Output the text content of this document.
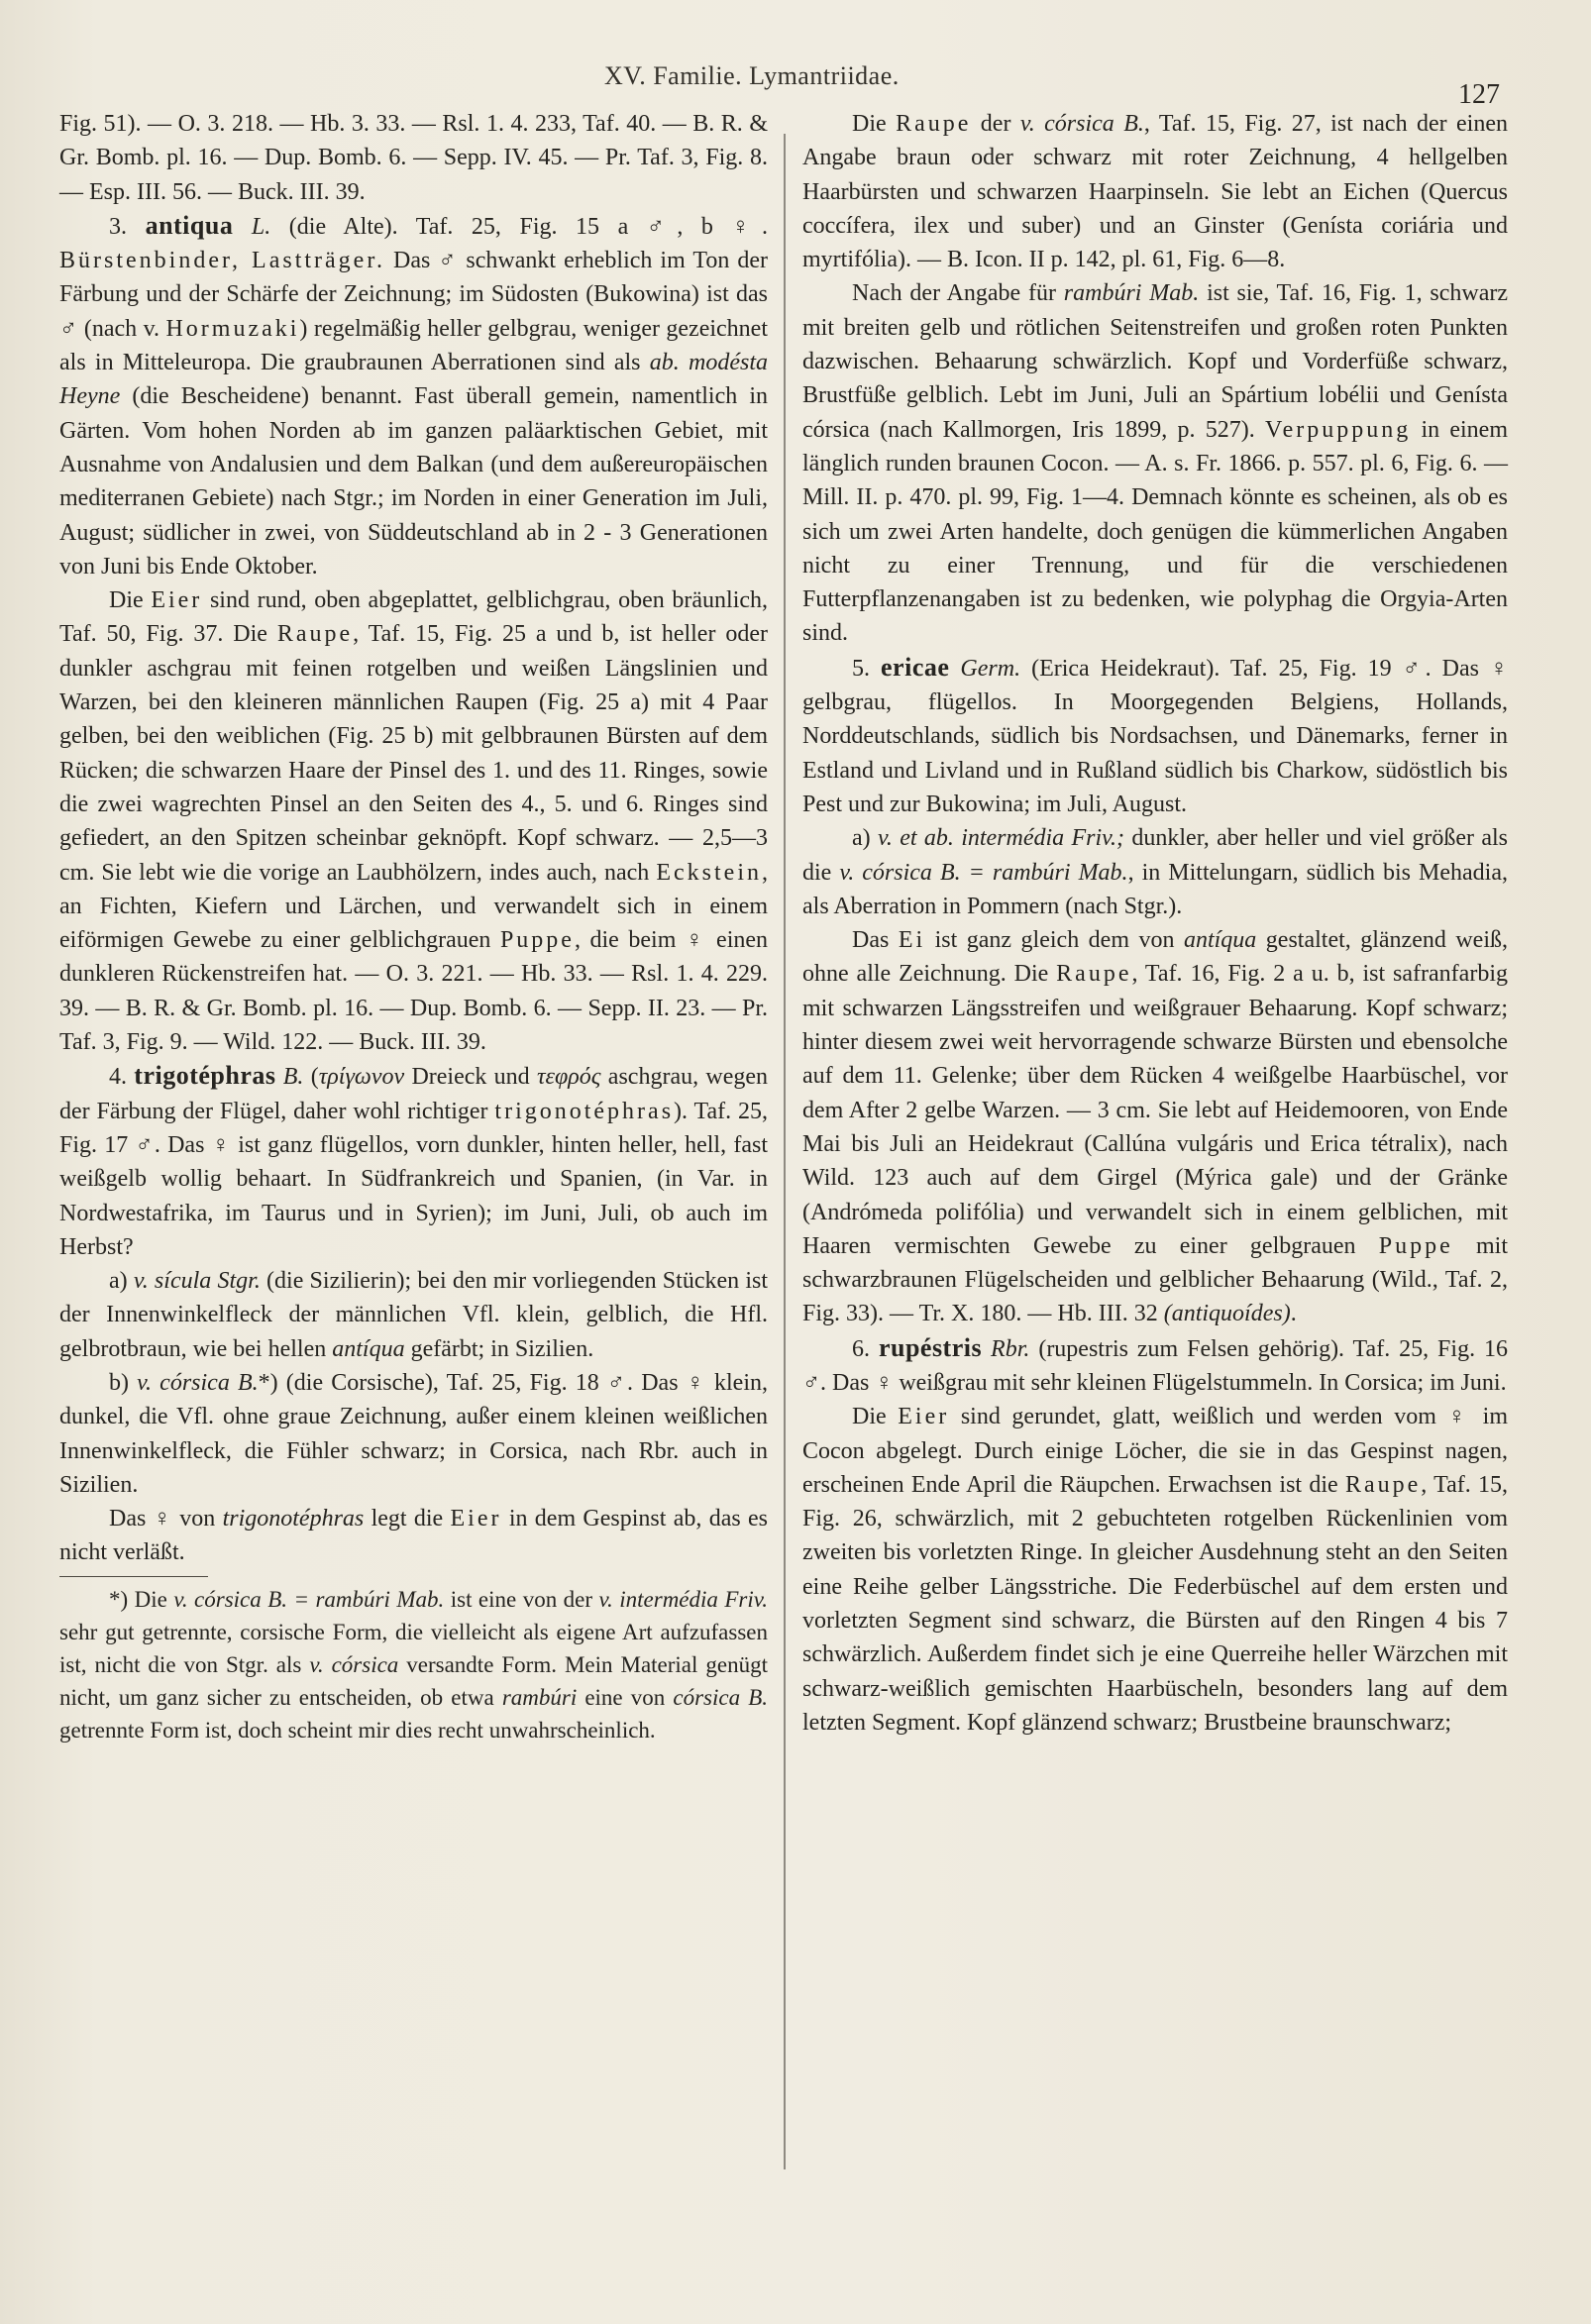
XV. Familie. Lymantriidae.
127

Fig. 51). — O. 3. 218. — Hb. 3. 33. — Rsl. 1. 4. 233, Taf. 40. — B. R. & Gr. Bomb. pl. 16. — Dup. Bomb. 6. — Sepp. IV. 45. — Pr. Taf. 3, Fig. 8. — Esp. III. 56. — Buck. III. 39.

3. antiqua L. (die Alte). Taf. 25, Fig. 15 a ♂, b ♀. Bürstenbinder, Lastträger. Das ♂ schwankt erheblich im Ton der Färbung und der Schärfe der Zeichnung; im Südosten (Bukowina) ist das ♂ (nach v. Hormuzaki) regelmäßig heller gelbgrau, weniger gezeichnet als in Mitteleuropa. Die graubraunen Aberrationen sind als ab. modésta Heyne (die Bescheidene) benannt. Fast überall gemein, namentlich in Gärten. Vom hohen Norden ab im ganzen paläarktischen Gebiet, mit Ausnahme von Andalusien und dem Balkan (und dem außereuropäischen mediterranen Gebiete) nach Stgr.; im Norden in einer Generation im Juli, August; südlicher in zwei, von Süddeutschland ab in 2 - 3 Generationen von Juni bis Ende Oktober.

Die Eier sind rund, oben abgeplattet, gelblichgrau, oben bräunlich, Taf. 50, Fig. 37. Die Raupe, Taf. 15, Fig. 25 a und b, ist heller oder dunkler aschgrau mit feinen rotgelben und weißen Längslinien und Warzen, bei den kleineren männlichen Raupen (Fig. 25 a) mit 4 Paar gelben, bei den weiblichen (Fig. 25 b) mit gelbbraunen Bürsten auf dem Rücken; die schwarzen Haare der Pinsel des 1. und des 11. Ringes, sowie die zwei wagrechten Pinsel an den Seiten des 4., 5. und 6. Ringes sind gefiedert, an den Spitzen scheinbar geknöpft. Kopf schwarz. — 2,5—3 cm. Sie lebt wie die vorige an Laubhölzern, indes auch, nach Eckstein, an Fichten, Kiefern und Lärchen, und verwandelt sich in einem eiförmigen Gewebe zu einer gelblichgrauen Puppe, die beim ♀ einen dunkleren Rückenstreifen hat. — O. 3. 221. — Hb. 33. — Rsl. 1. 4. 229. 39. — B. R. & Gr. Bomb. pl. 16. — Dup. Bomb. 6. — Sepp. II. 23. — Pr. Taf. 3, Fig. 9. — Wild. 122. — Buck. III. 39.

4. trigotéphras B. (τρίγωνον Dreieck und τεφρός aschgrau, wegen der Färbung der Flügel, daher wohl richtiger trigonotéphras). Taf. 25, Fig. 17 ♂. Das ♀ ist ganz flügellos, vorn dunkler, hinten heller, hell, fast weißgelb wollig behaart. In Südfrankreich und Spanien, (in Var. in Nordwestafrika, im Taurus und in Syrien); im Juni, Juli, ob auch im Herbst?

a) v. sícula Stgr. (die Sizilierin); bei den mir vorliegenden Stücken ist der Innenwinkelfleck der männlichen Vfl. klein, gelblich, die Hfl. gelbrotbraun, wie bei hellen antíqua gefärbt; in Sizilien.

b) v. córsica B.*) (die Corsische), Taf. 25, Fig. 18 ♂. Das ♀ klein, dunkel, die Vfl. ohne graue Zeichnung, außer einem kleinen weißlichen Innenwinkelfleck, die Fühler schwarz; in Corsica, nach Rbr. auch in Sizilien.

Das ♀ von trigonotéphras legt die Eier in dem Gespinst ab, das es nicht verläßt.

*) Die v. córsica B. = rambúri Mab. ist eine von der v. intermédia Friv. sehr gut getrennte, corsische Form, die vielleicht als eigene Art aufzufassen ist, nicht die von Stgr. als v. córsica versandte Form. Mein Material genügt nicht, um ganz sicher zu entscheiden, ob etwa rambúri eine von córsica B. getrennte Form ist, doch scheint mir dies recht unwahrscheinlich.

Die Raupe der v. córsica B., Taf. 15, Fig. 27, ist nach der einen Angabe braun oder schwarz mit roter Zeichnung, 4 hellgelben Haarbürsten und schwarzen Haarpinseln. Sie lebt an Eichen (Quercus coccífera, ilex und suber) und an Ginster (Genísta coriária und myrtifólia). — B. Icon. II p. 142, pl. 61, Fig. 6—8.

Nach der Angabe für rambúri Mab. ist sie, Taf. 16, Fig. 1, schwarz mit breiten gelb und rötlichen Seitenstreifen und großen roten Punkten dazwischen. Behaarung schwärzlich. Kopf und Vorderfüße schwarz, Brustfüße gelblich. Lebt im Juni, Juli an Spártium lobélii und Genísta córsica (nach Kallmorgen, Iris 1899, p. 527). Verpuppung in einem länglich runden braunen Cocon. — A. s. Fr. 1866. p. 557. pl. 6, Fig. 6. — Mill. II. p. 470. pl. 99, Fig. 1—4. Demnach könnte es scheinen, als ob es sich um zwei Arten handelte, doch genügen die kümmerlichen Angaben nicht zu einer Trennung, und für die verschiedenen Futterpflanzenangaben ist zu bedenken, wie polyphag die Orgyia-Arten sind.

5. ericae Germ. (Erica Heidekraut). Taf. 25, Fig. 19 ♂. Das ♀ gelbgrau, flügellos. In Moorgegenden Belgiens, Hollands, Norddeutschlands, südlich bis Nordsachsen, und Dänemarks, ferner in Estland und Livland und in Rußland südlich bis Charkow, südöstlich bis Pest und zur Bukowina; im Juli, August.

a) v. et ab. intermédia Friv.; dunkler, aber heller und viel größer als die v. córsica B. = rambúri Mab., in Mittelungarn, südlich bis Mehadia, als Aberration in Pommern (nach Stgr.).

Das Ei ist ganz gleich dem von antíqua gestaltet, glänzend weiß, ohne alle Zeichnung. Die Raupe, Taf. 16, Fig. 2 a u. b, ist safranfarbig mit schwarzen Längsstreifen und weißgrauer Behaarung. Kopf schwarz; hinter diesem zwei weit hervorragende schwarze Bürsten und ebensolche auf dem 11. Gelenke; über dem Rücken 4 weißgelbe Haarbüschel, vor dem After 2 gelbe Warzen. — 3 cm. Sie lebt auf Heidemooren, von Ende Mai bis Juli an Heidekraut (Callúna vulgáris und Erica tétralix), nach Wild. 123 auch auf dem Girgel (Mýrica gale) und der Gränke (Andrómeda polifólia) und verwandelt sich in einem gelblichen, mit Haaren vermischten Gewebe zu einer gelbgrauen Puppe mit schwarzbraunen Flügelscheiden und gelblicher Behaarung (Wild., Taf. 2, Fig. 33). — Tr. X. 180. — Hb. III. 32 (antiquoídes).

6. rupéstris Rbr. (rupestris zum Felsen gehörig). Taf. 25, Fig. 16 ♂. Das ♀ weißgrau mit sehr kleinen Flügelstummeln. In Corsica; im Juni.

Die Eier sind gerundet, glatt, weißlich und werden vom ♀ im Cocon abgelegt. Durch einige Löcher, die sie in das Gespinst nagen, erscheinen Ende April die Räupchen. Erwachsen ist die Raupe, Taf. 15, Fig. 26, schwärzlich, mit 2 gebuchteten rotgelben Rückenlinien vom zweiten bis vorletzten Ringe. In gleicher Ausdehnung steht an den Seiten eine Reihe gelber Längsstriche. Die Federbüschel auf dem ersten und vorletzten Segment sind schwarz, die Bürsten auf den Ringen 4 bis 7 schwärzlich. Außerdem findet sich je eine Querreihe heller Wärzchen mit schwarz-weißlich gemischten Haarbüscheln, besonders lang auf dem letzten Segment. Kopf glänzend schwarz; Brustbeine braunschwarz;
